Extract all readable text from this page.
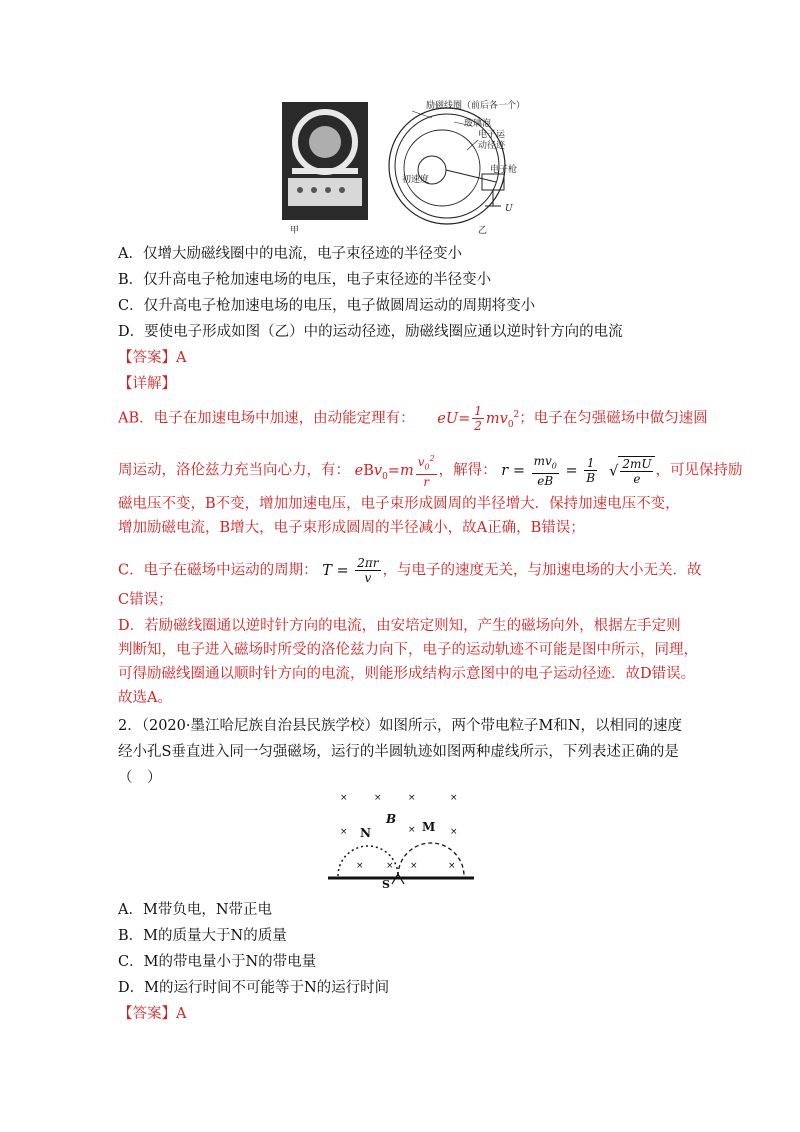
励磁线圈（前后各一个）
玻璃泡
电子运动径迹
电子枪
初速度
U
甲	乙
A．仅增大励磁线圈中的电流，电子束径迹的半径变小
B．仅升高电子枪加速电场的电压，电子束径迹的半径变小
C．仅升高电子枪加速电场的电压，电子做圆周运动的周期将变小
D．要使电子形成如图（乙）中的运动径迹，励磁线圈应通以逆时针方向的电流
【答案】A
【详解】
AB．电子在加速电场中加速，由动能定理有： $eU= \frac{1}{2} mv_0^2$；电子在匀强磁场中做匀速圆
周运动，洛伦兹力充当向心力，有： $eBv_0=m \frac{v_0^2}{r}$ ，解得： $r = \frac{mv_0}{eB} = \frac{1}{B}$ √ $\frac{2mU}{e}$ ，可见保持励
磁电压不变，B不变，增加加速电压，电子束形成圆周的半径增大．保持加速电压不变，
增加励磁电流，B增大，电子束形成圆周的半径减小，故A正确，B错误；
C．电子在磁场中运动的周期： $T = \frac{2\pi r}{v}$ ，与电子的速度无关，与加速电场的大小无关．故
C错误；
D．若励磁线圈通以逆时针方向的电流，由安培定则知，产生的磁场向外，根据左手定则
判断知，电子进入磁场时所受的洛伦兹力向下，电子的运动轨迹不可能是图中所示，同理，
可得励磁线圈通以顺时针方向的电流，则能形成结构示意图中的电子运动径迹．故D错误。
故选A。
2．（2020·墨江哈尼族自治县民族学校）如图所示，两个带电粒子M和N，以相同的速度
经小孔S垂直进入同一匀强磁场，运行的半圆轨迹如图两种虚线所示，下列表述正确的是
（　）
×	×	×	×
×	×	×
× × ×	×
B
N	M
S
A．M带负电，N带正电
B．M的质量大于N的质量
C．M的带电量小于N的带电量
D．M的运行时间不可能等于N的运行时间
【答案】A
